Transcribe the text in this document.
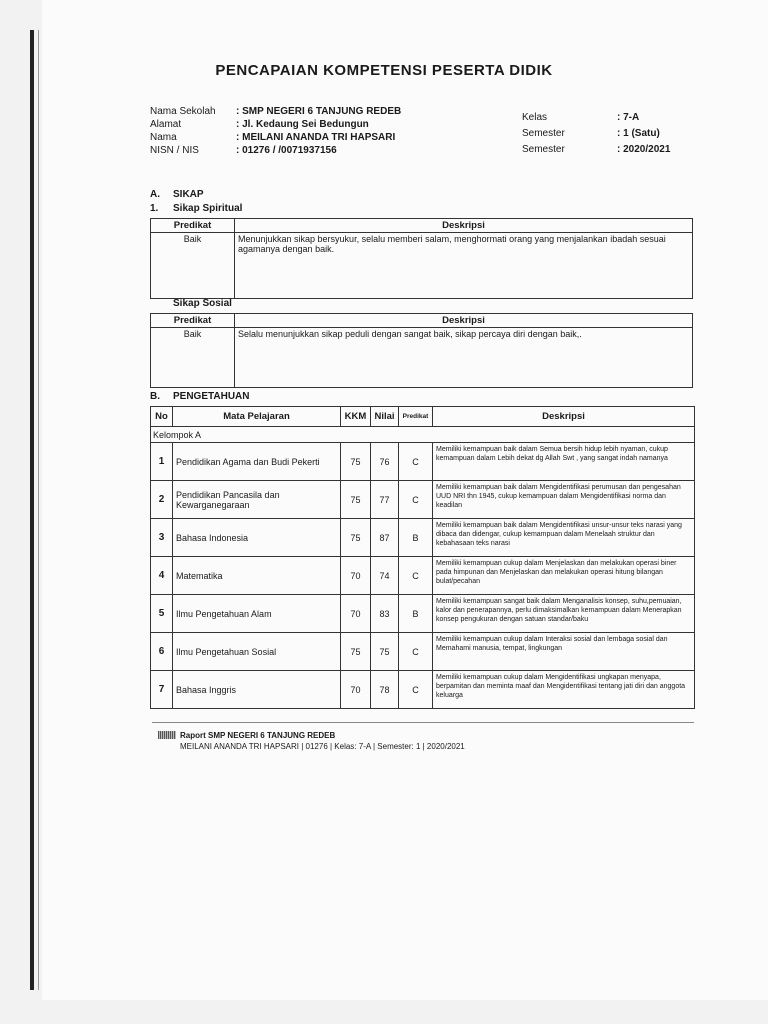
PENCAPAIAN KOMPETENSI PESERTA DIDIK
Nama Sekolah	: SMP NEGERI 6 TANJUNG REDEB
Alamat	: Jl. Kedaung Sei Bedungun
Nama	: MEILANI ANANDA TRI HAPSARI
NISN / NIS	: 01276 / /0071937156
Kelas	: 7-A
Semester	: 1 (Satu)
Semester	: 2020/2021
A. SIKAP
1. Sikap Spiritual
Predikat	Deskripsi
Baik	Menunjukkan sikap bersyukur, selalu memberi salam, menghormati orang yang menjalankan ibadah sesuai agamanya dengan baik.
Sikap Sosial
Predikat	Deskripsi
Baik	Selalu menunjukkan sikap peduli dengan sangat baik, sikap percaya diri dengan baik,.
B. PENGETAHUAN
No	Mata Pelajaran	KKM	Nilai	Predikat	Deskripsi
Kelompok A					
1	Pendidikan Agama dan Budi Pekerti	75	76	C	Memiliki kemampuan baik dalam Semua bersih hidup lebih nyaman, cukup kemampuan dalam Lebih dekat dg Allah Swt , yang sangat indah namanya
2	Pendidikan Pancasila dan Kewarganegaraan	75	77	C	Memiliki kemampuan baik dalam Mengidentifikasi perumusan dan pengesahan UUD NRI thn 1945, cukup kemampuan dalam Mengidentifikasi norma dan keadilan
3	Bahasa Indonesia	75	87	B	Memiliki kemampuan baik dalam Mengidentifikasi unsur-unsur teks narasi yang dibaca dan didengar, cukup kemampuan dalam Menelaah struktur dan kebahasaan teks narasi
4	Matematika	70	74	C	Memiliki kemampuan cukup dalam Menjelaskan dan melakukan operasi biner pada himpunan dan Menjelaskan dan melakukan operasi hitung bilangan bulat/pecahan
5	Ilmu Pengetahuan Alam	70	83	B	Memiliki kemampuan sangat baik dalam Menganalisis konsep, suhu,pemuaian, kalor dan penerapannya, perlu dimaksimalkan kemampuan dalam Menerapkan konsep pengukuran dengan satuan standar/baku
6	Ilmu Pengetahuan Sosial	75	75	C	Memiliki kemampuan cukup dalam Interaksi sosial dan lembaga sosial dan Memahami manusia, tempat, lingkungan
7	Bahasa Inggris	70	78	C	Memiliki kemampuan cukup dalam Mengidentifikasi ungkapan menyapa, berpamitan dan meminta maaf dan Mengidentifikasi tentang jati diri dan anggota keluarga
Raport SMP NEGERI 6 TANJUNG REDEB
MEILANI ANANDA TRI HAPSARI | 01276 | Kelas: 7-A | Semester: 1 | 2020/2021
